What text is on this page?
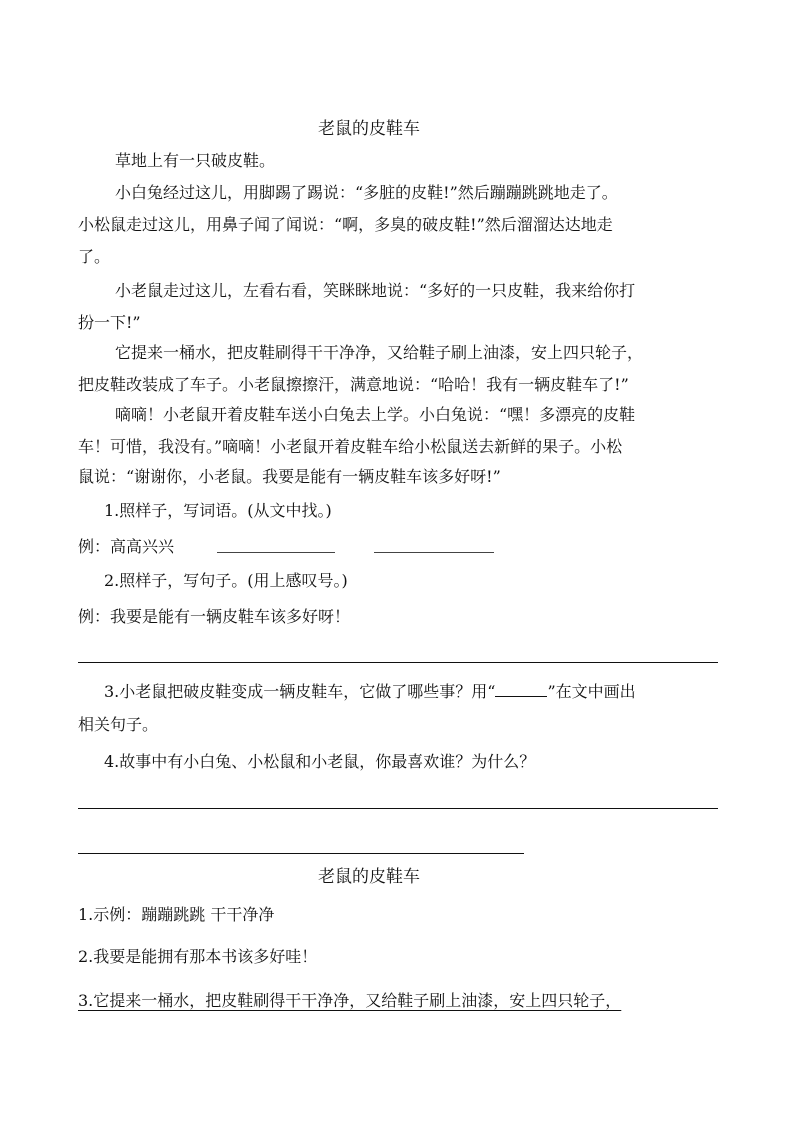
老鼠的皮鞋车
草地上有一只破皮鞋。
小白兔经过这儿，用脚踢了踢说：“多脏的皮鞋!”然后蹦蹦跳跳地走了。
小松鼠走过这儿，用鼻子闻了闻说：“啊，多臭的破皮鞋!”然后溜溜达达地走
了。
小老鼠走过这儿，左看右看，笑眯眯地说：“多好的一只皮鞋，我来给你打
扮一下!”
它提来一桶水，把皮鞋刷得干干净净，又给鞋子刷上油漆，安上四只轮子，
把皮鞋改装成了车子。小老鼠擦擦汗，满意地说：“哈哈！我有一辆皮鞋车了!”
嘀嘀！小老鼠开着皮鞋车送小白兔去上学。小白兔说：“嘿！多漂亮的皮鞋
车！可惜，我没有。”嘀嘀！小老鼠开着皮鞋车给小松鼠送去新鲜的果子。小松
鼠说：“谢谢你，小老鼠。我要是能有一辆皮鞋车该多好呀!”
1.照样子，写词语。(从文中找。)
例：高高兴兴
2.照样子，写句子。(用上感叹号。)
例：我要是能有一辆皮鞋车该多好呀！
3.小老鼠把破皮鞋变成一辆皮鞋车，它做了哪些事？用“	”在文中画出
相关句子。
4.故事中有小白兔、小松鼠和小老鼠，你最喜欢谁？为什么？
老鼠的皮鞋车
1.示例：蹦蹦跳跳 干干净净
2.我要是能拥有那本书该多好哇！
3.它提来一桶水，把皮鞋刷得干干净净，又给鞋子刷上油漆，安上四只轮子，
